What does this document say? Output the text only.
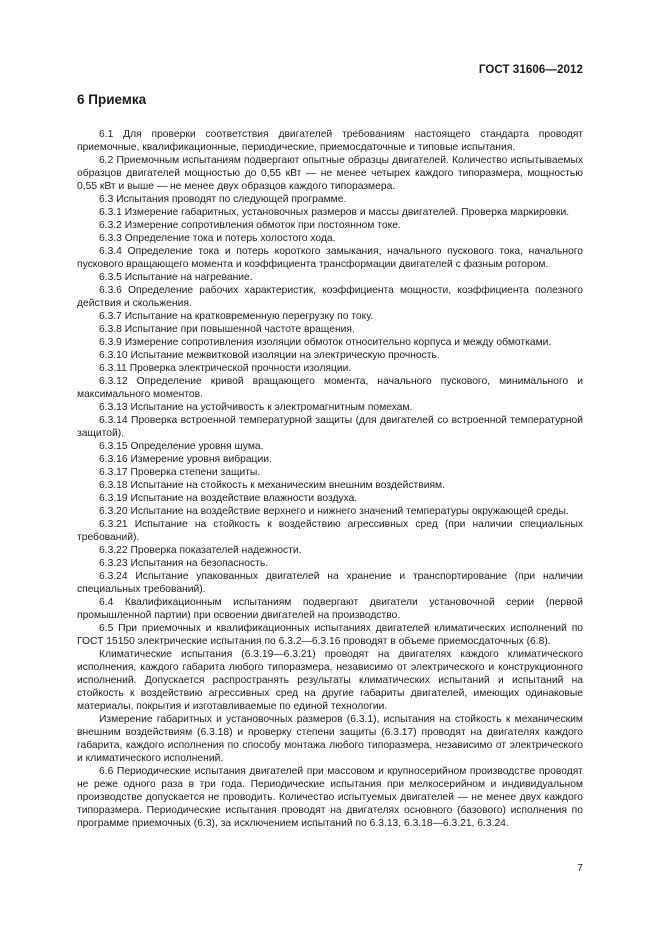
ГОСТ 31606—2012
6 Приемка

6.1 Для проверки соответствия двигателей требованиям настоящего стандарта проводят приемочные, квалификационные, периодические, приемосдаточные и типовые испытания.

6.2 Приемочным испытаниям подвергают опытные образцы двигателей. Количество испытываемых образцов двигателей мощностью до 0,55 кВт — не менее четырех каждого типоразмера, мощностью 0,55 кВт и выше — не менее двух образцов каждого типоразмера.

6.3 Испытания проводят по следующей программе.

6.3.1 Измерение габаритных, установочных размеров и массы двигателей. Проверка маркировки.

6.3.2 Измерение сопротивления обмоток при постоянном токе.

6.3.3 Определение тока и потерь холостого хода.

6.3.4 Определение тока и потерь короткого замыкания, начального пускового тока, начального пускового вращающего момента и коэффициента трансформации двигателей с фазным ротором.

6.3.5 Испытание на нагревание.

6.3.6 Определение рабочих характеристик, коэффициента мощности, коэффициента полезного действия и скольжения.

6.3.7 Испытание на кратковременную перегрузку по току.

6.3.8 Испытание при повышенной частоте вращения.

6.3.9 Измерение сопротивления изоляции обмоток относительно корпуса и между обмотками.

6.3.10 Испытание межвитковой изоляции на электрическую прочность.

6.3.11 Проверка электрической прочности изоляции.

6.3.12 Определение кривой вращающего момента, начального пускового, минимального и максимального моментов.

6.3.13 Испытание на устойчивость к электромагнитным помехам.

6.3.14 Проверка встроенной температурной защиты (для двигателей со встроенной температурной защитой).

6.3.15 Определение уровня шума.

6.3.16 Измерение уровня вибрации.

6.3.17 Проверка степени защиты.

6.3.18 Испытание на стойкость к механическим внешним воздействиям.

6.3.19 Испытание на воздействие влажности воздуха.

6.3.20 Испытание на воздействие верхнего и нижнего значений температуры окружающей среды.

6.3.21 Испытание на стойкость к воздействию агрессивных сред (при наличии специальных требований).

6.3.22 Проверка показателей надежности.

6.3.23 Испытания на безопасность.

6.3.24 Испытание упакованных двигателей на хранение и транспортирование (при наличии специальных требований).

6.4 Квалификационным испытаниям подвергают двигатели установочной серии (первой промышленной партии) при освоении двигателей на производство.

6.5 При приемочных и квалификационных испытаниях двигателей климатических исполнений по ГОСТ 15150 электрические испытания по 6.3.2—6.3.16 проводят в объеме приемосдаточных (6.8).

Климатические испытания (6.3.19—6.3.21) проводят на двигателях каждого климатического исполнения, каждого габарита любого типоразмера, независимо от электрического и конструкционного исполнений. Допускается распространять результаты климатических испытаний и испытаний на стойкость к воздействию агрессивных сред на другие габариты двигателей, имеющих одинаковые материалы, покрытия и изготавливаемые по единой технологии.

Измерение габаритных и установочных размеров (6.3.1), испытания на стойкость к механическим внешним воздействиям (6.3.18) и проверку степени защиты (6.3.17) проводят на двигателях каждого габарита, каждого исполнения по способу монтажа любого типоразмера, независимо от электрического и климатического исполнений.

6.6 Периодические испытания двигателей при массовом и крупносерийном производстве проводят не реже одного раза в три года. Периодические испытания при мелкосерийном и индивидуальном производстве допускается не проводить. Количество испытуемых двигателей — не менее двух каждого типоразмера. Периодические испытания проводят на двигателях основного (базового) исполнения по программе приемочных (6.3), за исключением испытаний по 6.3.13, 6.3.18—6.3.21, 6.3.24.

7
